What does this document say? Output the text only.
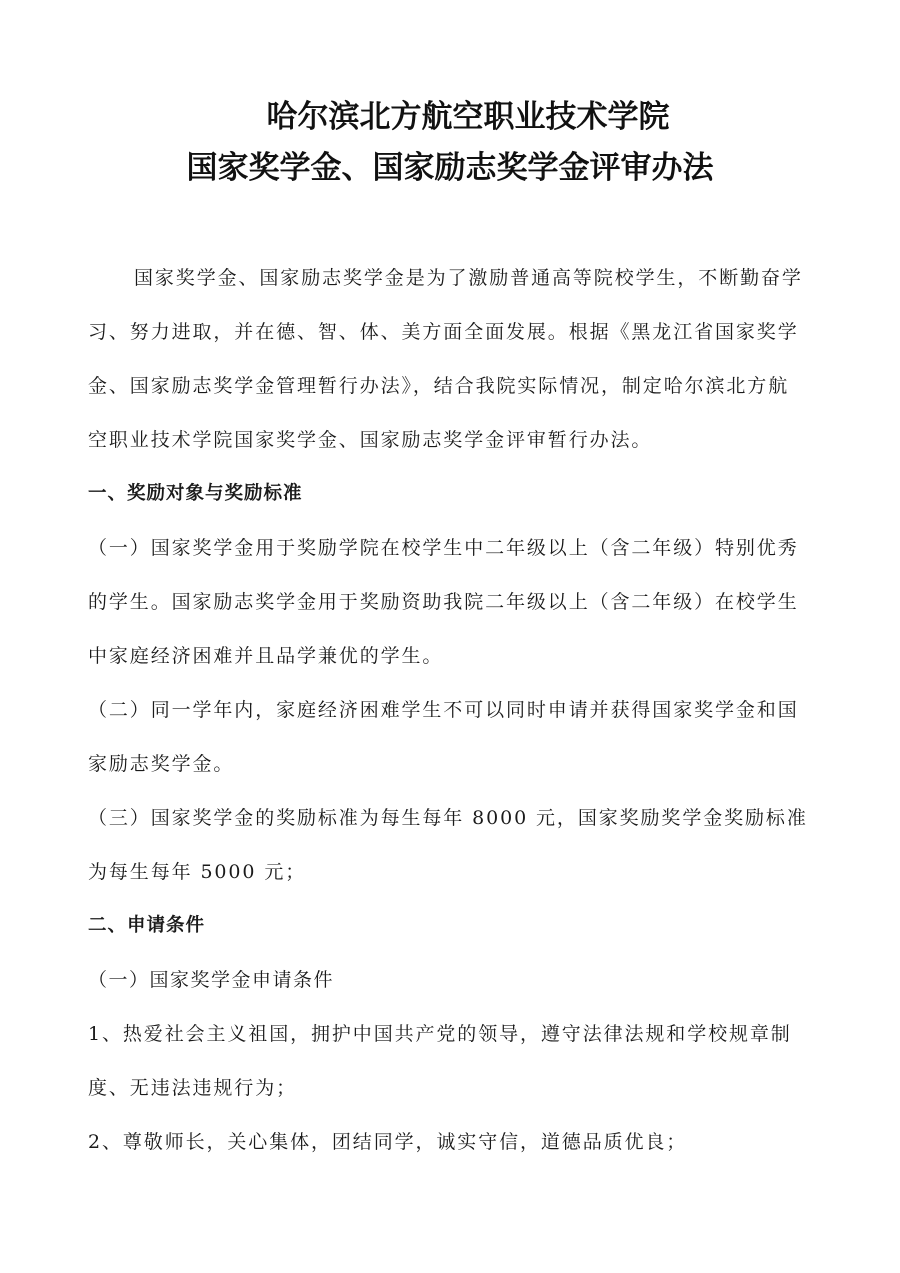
哈尔滨北方航空职业技术学院
国家奖学金、国家励志奖学金评审办法

国家奖学金、国家励志奖学金是为了激励普通高等院校学生，不断勤奋学

习、努力进取，并在德、智、体、美方面全面发展。根据《黑龙江省国家奖学

金、国家励志奖学金管理暂行办法》，结合我院实际情况，制定哈尔滨北方航

空职业技术学院国家奖学金、国家励志奖学金评审暂行办法。

一、奖励对象与奖励标准

（一）国家奖学金用于奖励学院在校学生中二年级以上（含二年级）特别优秀

的学生。国家励志奖学金用于奖励资助我院二年级以上（含二年级）在校学生

中家庭经济困难并且品学兼优的学生。

（二）同一学年内，家庭经济困难学生不可以同时申请并获得国家奖学金和国

家励志奖学金。

（三）国家奖学金的奖励标准为每生每年 8000 元，国家奖励奖学金奖励标准

为每生每年 5000 元；

二、申请条件

（一）国家奖学金申请条件

1、热爱社会主义祖国，拥护中国共产党的领导，遵守法律法规和学校规章制

度、无违法违规行为；

2、尊敬师长，关心集体，团结同学，诚实守信，道德品质优良；
